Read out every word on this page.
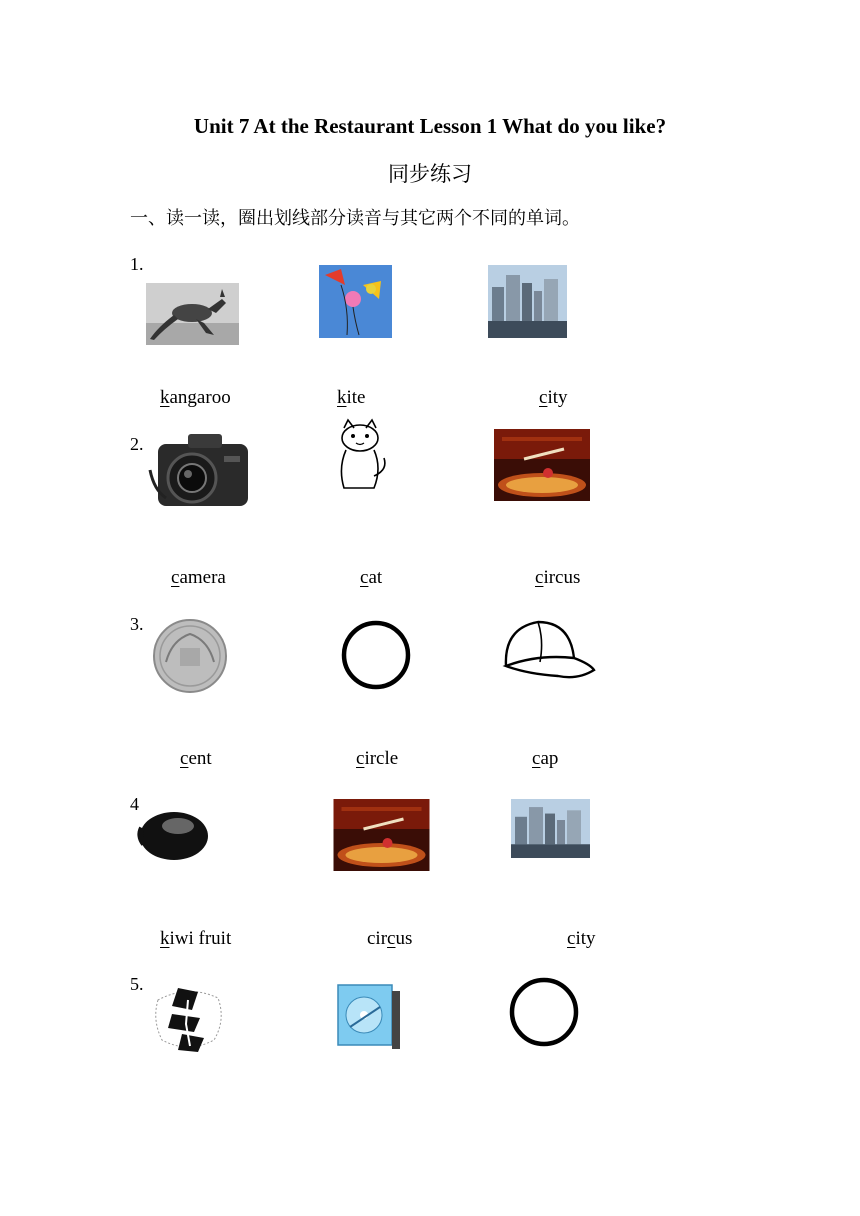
Unit 7 At the Restaurant Lesson 1 What do you like?
同步练习
一、读一读，圈出划线部分读音与其它两个不同的单词。
1.
kangaroo	kite	city
2.
camera	cat	circus
3.
cent	circle	cap
4
kiwi fruit	circus	city
5.
